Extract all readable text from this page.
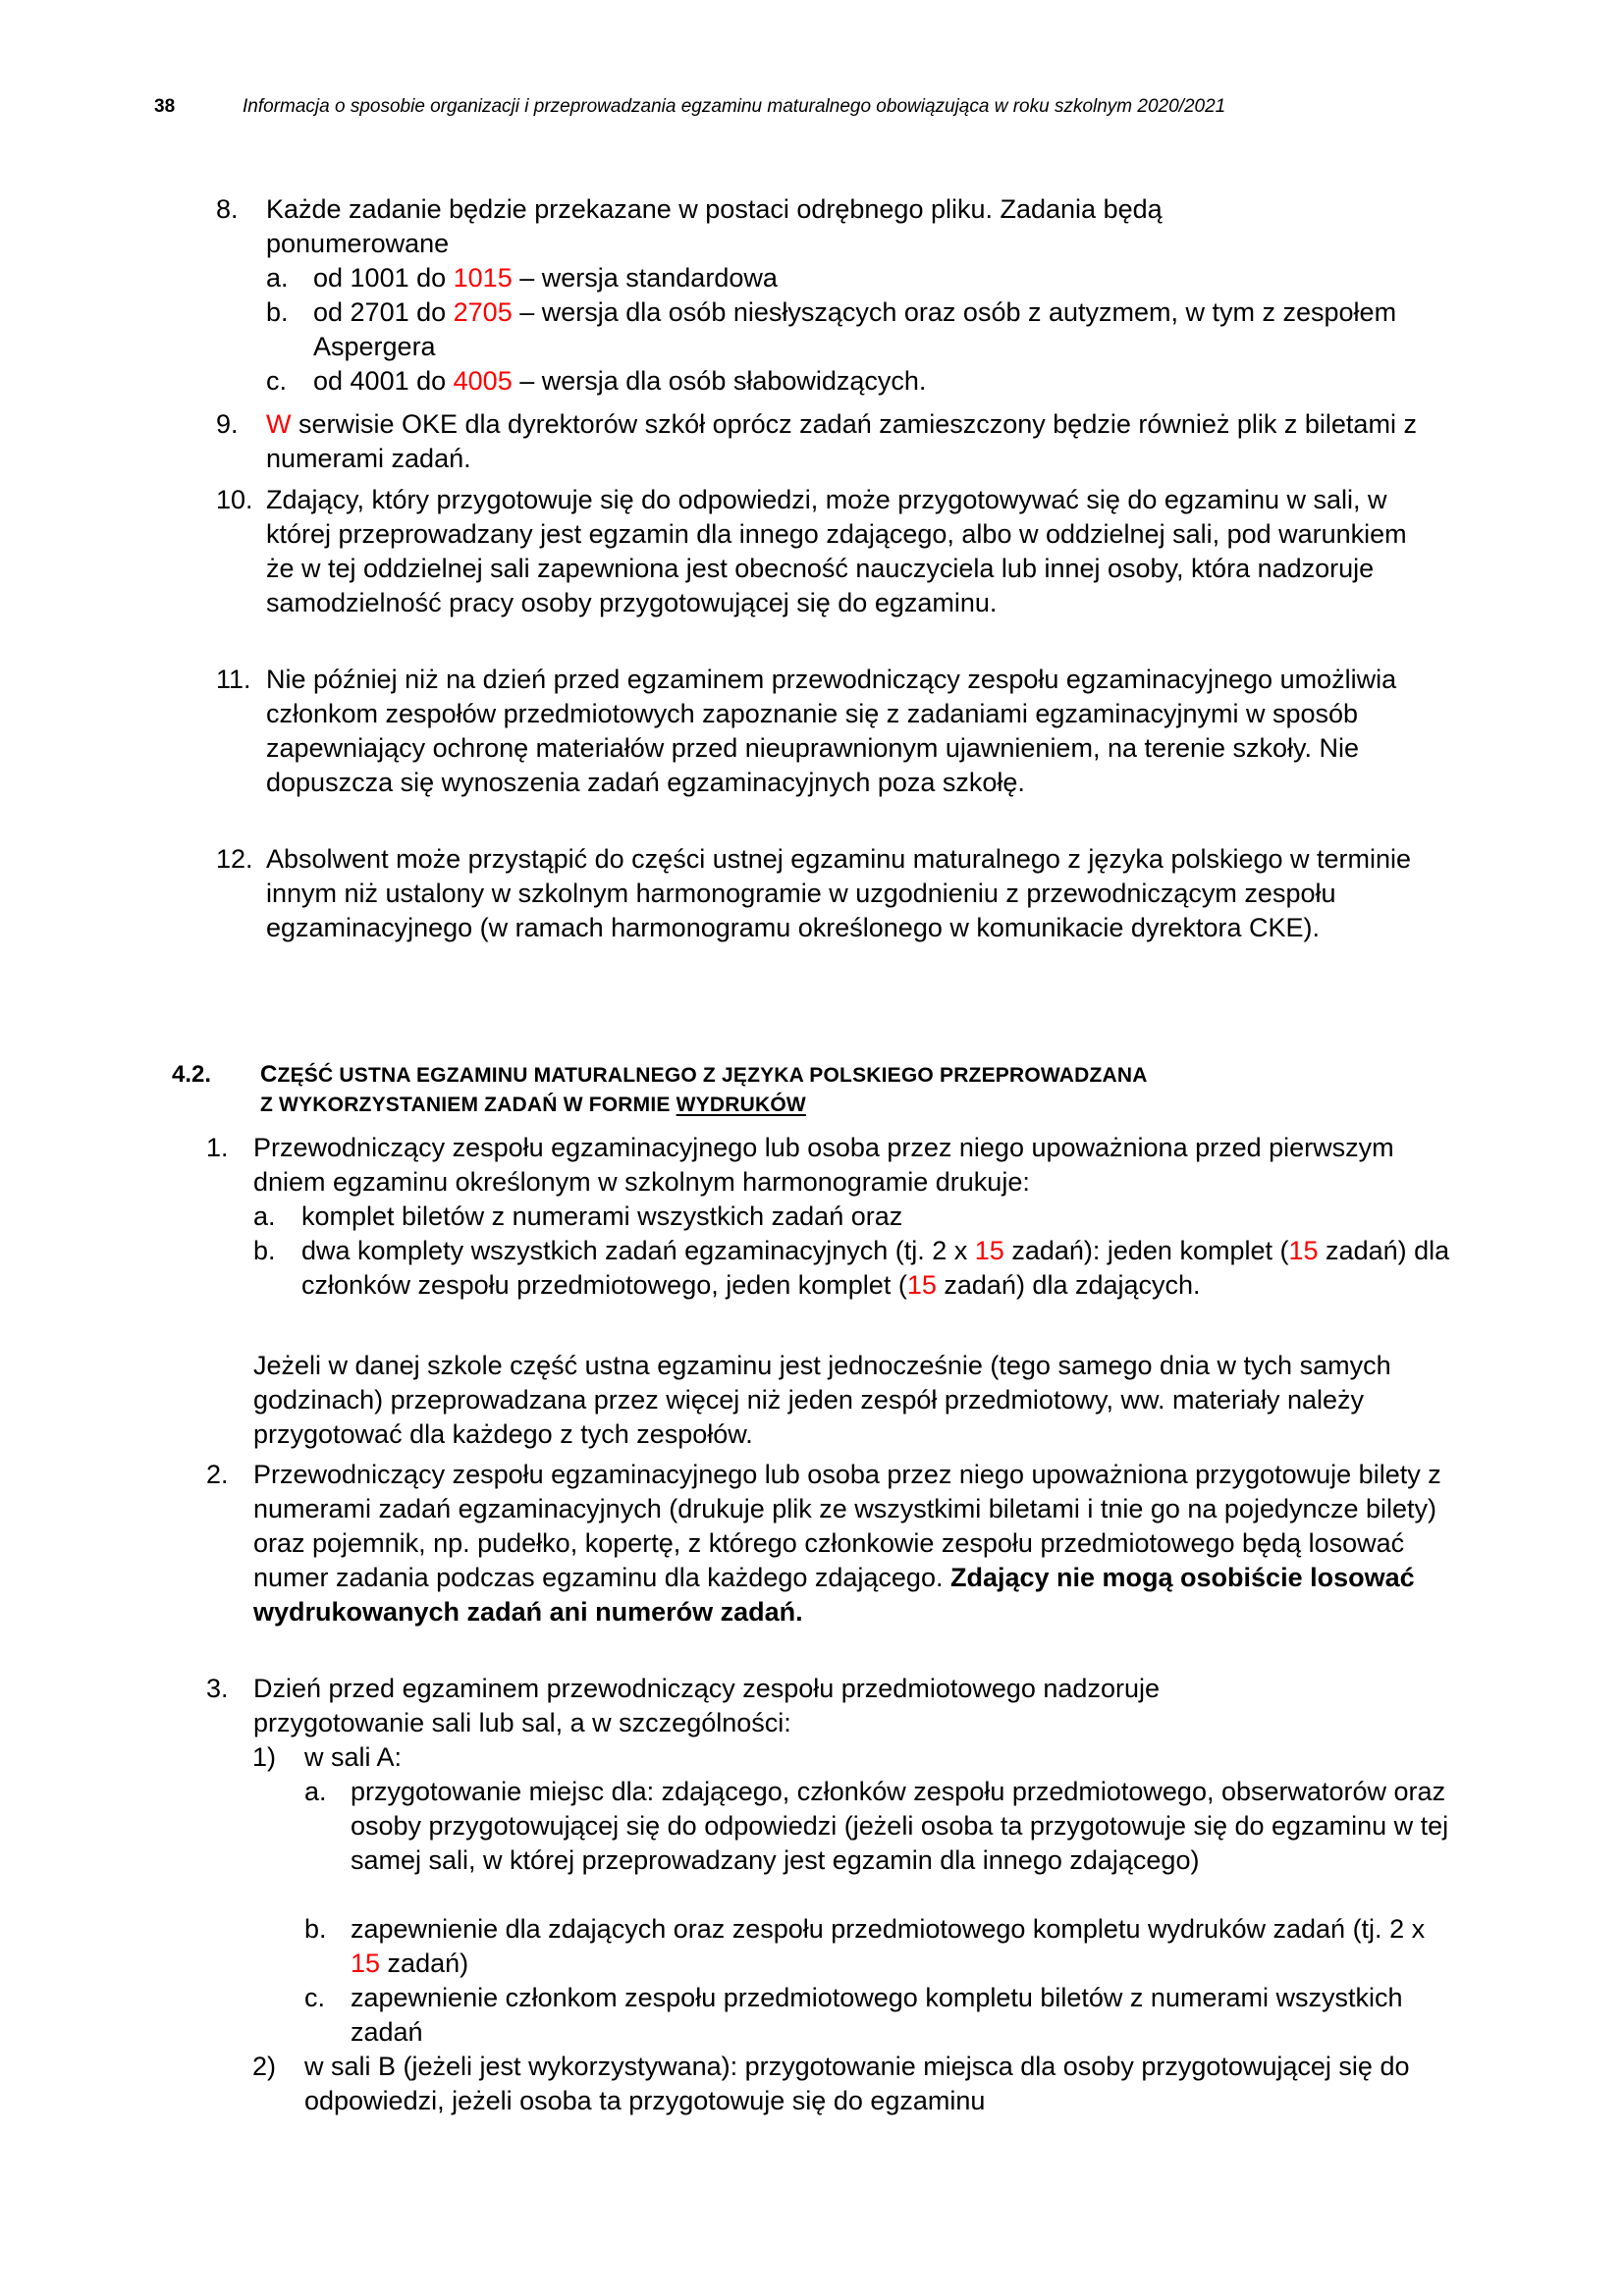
38	Informacja o sposobie organizacji i przeprowadzania egzaminu maturalnego obowiązująca w roku szkolnym 2020/2021
8. Każde zadanie będzie przekazane w postaci odrębnego pliku. Zadania będą ponumerowane
a. od 1001 do 1015 – wersja standardowa
b. od 2701 do 2705 – wersja dla osób niesłyszących oraz osób z autyzmem, w tym z zespołem Aspergera
c. od 4001 do 4005 – wersja dla osób słabowidzących.
9. W serwisie OKE dla dyrektorów szkół oprócz zadań zamieszczony będzie również plik z biletami z numerami zadań.
10. Zdający, który przygotowuje się do odpowiedzi, może przygotowywać się do egzaminu w sali, w której przeprowadzany jest egzamin dla innego zdającego, albo w oddzielnej sali, pod warunkiem że w tej oddzielnej sali zapewniona jest obecność nauczyciela lub innej osoby, która nadzoruje samodzielność pracy osoby przygotowującej się do egzaminu.
11. Nie później niż na dzień przed egzaminem przewodniczący zespołu egzaminacyjnego umożliwia członkom zespołów przedmiotowych zapoznanie się z zadaniami egzaminacyjnymi w sposób zapewniający ochronę materiałów przed nieuprawnionym ujawnieniem, na terenie szkoły. Nie dopuszcza się wynoszenia zadań egzaminacyjnych poza szkołę.
12. Absolwent może przystąpić do części ustnej egzaminu maturalnego z języka polskiego w terminie innym niż ustalony w szkolnym harmonogramie w uzgodnieniu z przewodniczącym zespołu egzaminacyjnego (w ramach harmonogramu określonego w komunikacie dyrektora CKE).
4.2. CZĘŚĆ USTNA EGZAMINU MATURALNEGO Z JĘZYKA POLSKIEGO PRZEPROWADZANA
Z WYKORZYSTANIEM ZADAŃ W FORMIE WYDRUKÓW
1. Przewodniczący zespołu egzaminacyjnego lub osoba przez niego upoważniona przed pierwszym dniem egzaminu określonym w szkolnym harmonogramie drukuje:
a. komplet biletów z numerami wszystkich zadań oraz
b. dwa komplety wszystkich zadań egzaminacyjnych (tj. 2 x 15 zadań): jeden komplet (15 zadań) dla członków zespołu przedmiotowego, jeden komplet (15 zadań) dla zdających.
Jeżeli w danej szkole część ustna egzaminu jest jednocześnie (tego samego dnia w tych samych godzinach) przeprowadzana przez więcej niż jeden zespół przedmiotowy, ww. materiały należy przygotować dla każdego z tych zespołów.
2. Przewodniczący zespołu egzaminacyjnego lub osoba przez niego upoważniona przygotowuje bilety z numerami zadań egzaminacyjnych (drukuje plik ze wszystkimi biletami i tnie go na pojedyncze bilety) oraz pojemnik, np. pudełko, kopertę, z którego członkowie zespołu przedmiotowego będą losować numer zadania podczas egzaminu dla każdego zdającego. Zdający nie mogą osobiście losować wydrukowanych zadań ani numerów zadań.
3. Dzień przed egzaminem przewodniczący zespołu przedmiotowego nadzoruje przygotowanie sali lub sal, a w szczególności:
1) w sali A:
a. przygotowanie miejsc dla: zdającego, członków zespołu przedmiotowego, obserwatorów oraz osoby przygotowującej się do odpowiedzi (jeżeli osoba ta przygotowuje się do egzaminu w tej samej sali, w której przeprowadzany jest egzamin dla innego zdającego)
b. zapewnienie dla zdających oraz zespołu przedmiotowego kompletu wydruków zadań (tj. 2 x 15 zadań)
c. zapewnienie członkom zespołu przedmiotowego kompletu biletów z numerami wszystkich zadań
2) w sali B (jeżeli jest wykorzystywana): przygotowanie miejsca dla osoby przygotowującej się do odpowiedzi, jeżeli osoba ta przygotowuje się do egzaminu
